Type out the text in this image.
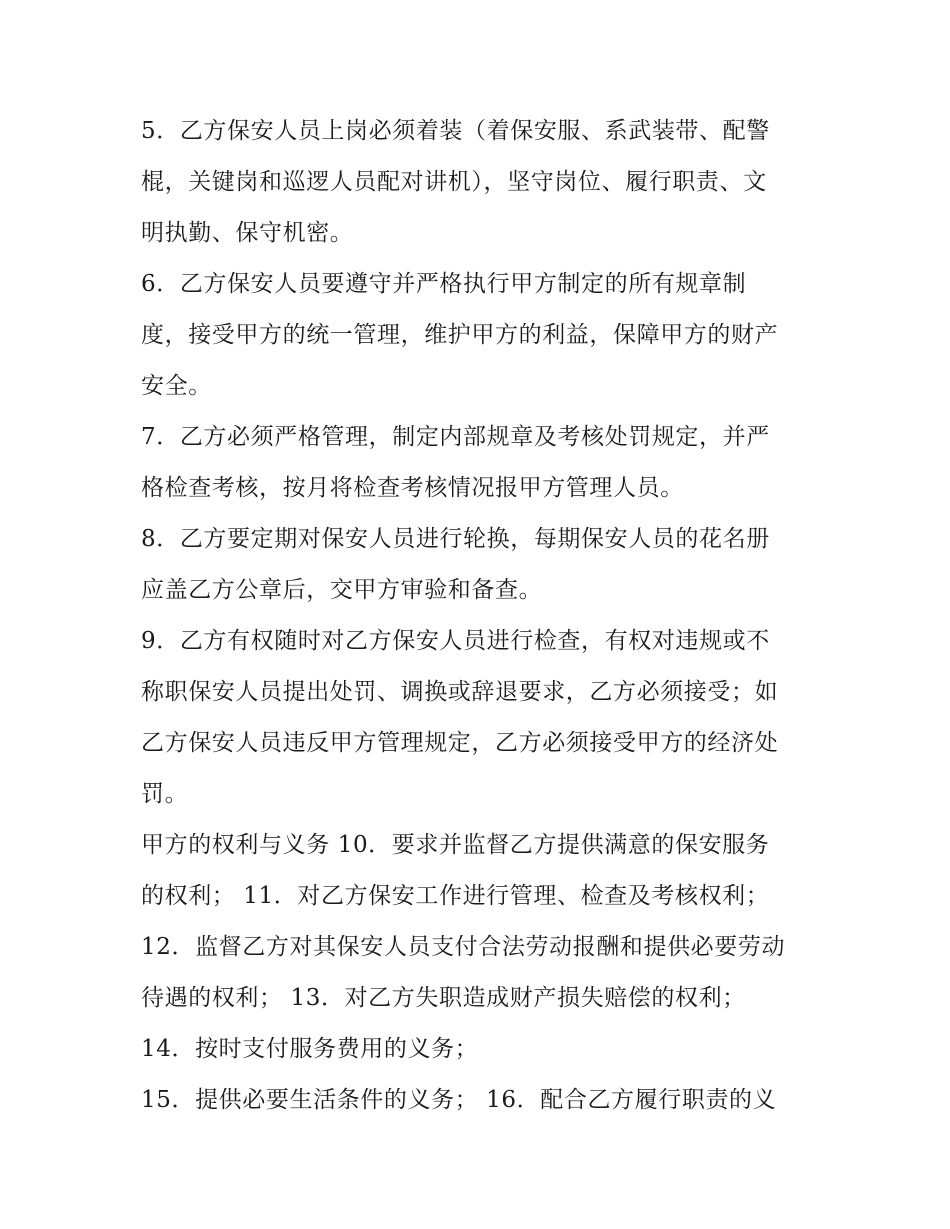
5．乙方保安人员上岗必须着装（着保安服、系武装带、配警
棍，关键岗和巡逻人员配对讲机），坚守岗位、履行职责、文
明执勤、保守机密。
6．乙方保安人员要遵守并严格执行甲方制定的所有规章制
度，接受甲方的统一管理，维护甲方的利益，保障甲方的财产
安全。
7．乙方必须严格管理，制定内部规章及考核处罚规定，并严
格检查考核，按月将检查考核情况报甲方管理人员。
8．乙方要定期对保安人员进行轮换，每期保安人员的花名册
应盖乙方公章后，交甲方审验和备查。
9．乙方有权随时对乙方保安人员进行检查，有权对违规或不
称职保安人员提出处罚、调换或辞退要求，乙方必须接受；如
乙方保安人员违反甲方管理规定，乙方必须接受甲方的经济处
罚。
甲方的权利与义务 10．要求并监督乙方提供满意的保安服务
的权利； 11．对乙方保安工作进行管理、检查及考核权利；
12．监督乙方对其保安人员支付合法劳动报酬和提供必要劳动
待遇的权利； 13．对乙方失职造成财产损失赔偿的权利；
14．按时支付服务费用的义务；
15．提供必要生活条件的义务； 16．配合乙方履行职责的义
